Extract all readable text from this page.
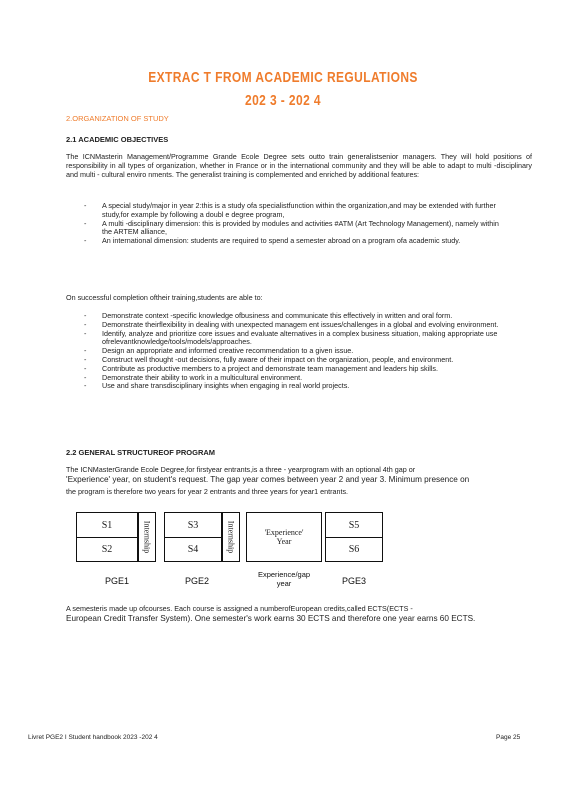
EXTRAC T FROM ACADEMIC REGULATIONS
202 3 - 202 4
2.ORGANIZATION OF STUDY
2.1 ACADEMIC OBJECTIVES
The ICNMasterin Management/Programme Grande Ecole Degree sets outto train generalistsenior managers. They will hold positions of responsibility in all types of organization, whether in France or in the international community and they will be able to adapt to multi -disciplinary and multi - cultural enviro nments. The generalist training is complemented and enriched by additional features:
- A special study/major in year 2:this is a study ofa specialistfunction within the organization,and may be extended with further study,for example by following a doubl e degree program,
- A multi -disciplinary dimension: this is provided by modules and activities #ATM (Art Technology Management), namely within the ARTEM alliance,
- An international dimension: students are required to spend a semester abroad on a program ofa academic study.
On successful completion oftheir training,students are able to:
- Demonstrate context -specific knowledge ofbusiness and communicate this effectively in written and oral form.
- Demonstrate theirflexibility in dealing with unexpected managem ent issues/challenges in a global and evolving environment.
- Identify, analyze and prioritize core issues and evaluate alternatives in a complex business situation, making appropriate use ofrelevantknowledge/tools/models/approaches.
- Design an appropriate and informed creative recommendation to a given issue.
- Construct well thought -out decisions, fully aware of their impact on the organization, people, and environment.
- Contribute as productive members to a project and demonstrate team management and leaders hip skills.
- Demonstrate their ability to work in a multicultural environment.
- Use and share transdisciplinary insights when engaging in real world projects.
2.2 GENERAL STRUCTUREOF PROGRAM
The ICNMasterGrande Ecole Degree,for firstyear entrants,is a three - yearprogram with an optional 4th gap or
'Experience' year, on student's request. The gap year comes between year 2 and year 3. Minimum presence on
the program is therefore two years for year 2 entrants and three years for year1 entrants.
S1
S2	Internship	S3
S4	Internship	'Experience'
Year
S5
S6
PGE1	PGE2
Experience/gap
year	PGE3
A semesteris made up ofcourses. Each course is assigned a numberofEuropean credits,called ECTS(ECTS -
European Credit Transfer System). One semester's work earns 30 ECTS and therefore one year earns 60 ECTS.
Livret PGE2 I Student handbook 2023 -202 4	Page 25
